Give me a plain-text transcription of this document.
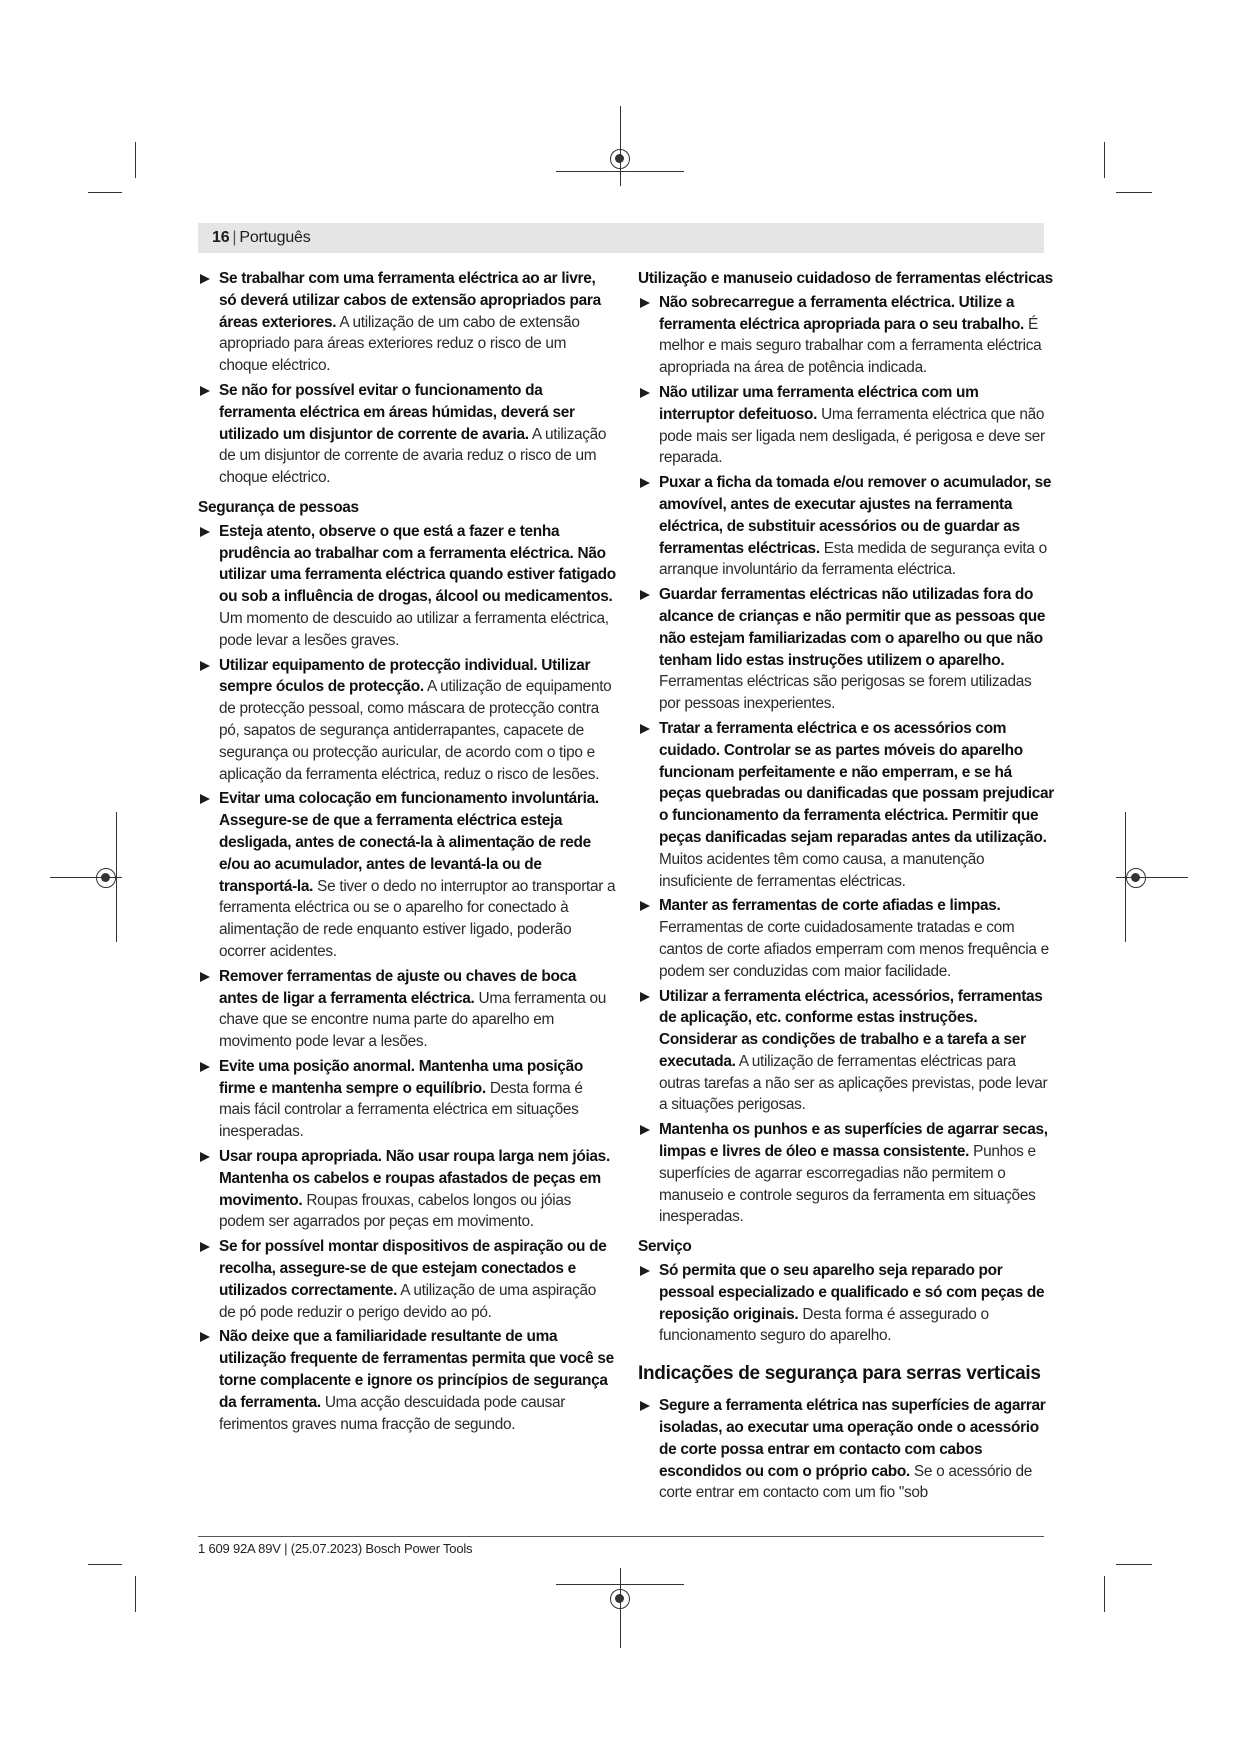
16 | Português
Se trabalhar com uma ferramenta eléctrica ao ar livre, só deverá utilizar cabos de extensão apropriados para áreas exteriores. A utilização de um cabo de extensão apropriado para áreas exteriores reduz o risco de um choque eléctrico.
Se não for possível evitar o funcionamento da ferramenta eléctrica em áreas húmidas, deverá ser utilizado um disjuntor de corrente de avaria. A utilização de um disjuntor de corrente de avaria reduz o risco de um choque eléctrico.
Segurança de pessoas
Esteja atento, observe o que está a fazer e tenha prudência ao trabalhar com a ferramenta eléctrica. Não utilizar uma ferramenta eléctrica quando estiver fatigado ou sob a influência de drogas, álcool ou medicamentos. Um momento de descuido ao utilizar a ferramenta eléctrica, pode levar a lesões graves.
Utilizar equipamento de protecção individual. Utilizar sempre óculos de protecção. A utilização de equipamento de protecção pessoal, como máscara de protecção contra pó, sapatos de segurança antiderrapantes, capacete de segurança ou protecção auricular, de acordo com o tipo e aplicação da ferramenta eléctrica, reduz o risco de lesões.
Evitar uma colocação em funcionamento involuntária. Assegure-se de que a ferramenta eléctrica esteja desligada, antes de conectá-la à alimentação de rede e/ou ao acumulador, antes de levantá-la ou de transportá-la. Se tiver o dedo no interruptor ao transportar a ferramenta eléctrica ou se o aparelho for conectado à alimentação de rede enquanto estiver ligado, poderão ocorrer acidentes.
Remover ferramentas de ajuste ou chaves de boca antes de ligar a ferramenta eléctrica. Uma ferramenta ou chave que se encontre numa parte do aparelho em movimento pode levar a lesões.
Evite uma posição anormal. Mantenha uma posição firme e mantenha sempre o equilíbrio. Desta forma é mais fácil controlar a ferramenta eléctrica em situações inesperadas.
Usar roupa apropriada. Não usar roupa larga nem jóias. Mantenha os cabelos e roupas afastados de peças em movimento. Roupas frouxas, cabelos longos ou jóias podem ser agarrados por peças em movimento.
Se for possível montar dispositivos de aspiração ou de recolha, assegure-se de que estejam conectados e utilizados correctamente. A utilização de uma aspiração de pó pode reduzir o perigo devido ao pó.
Não deixe que a familiaridade resultante de uma utilização frequente de ferramentas permita que você se torne complacente e ignore os princípios de segurança da ferramenta. Uma acção descuidada pode causar ferimentos graves numa fracção de segundo.
Utilização e manuseio cuidadoso de ferramentas eléctricas
Não sobrecarregue a ferramenta eléctrica. Utilize a ferramenta eléctrica apropriada para o seu trabalho. É melhor e mais seguro trabalhar com a ferramenta eléctrica apropriada na área de potência indicada.
Não utilizar uma ferramenta eléctrica com um interruptor defeituoso. Uma ferramenta eléctrica que não pode mais ser ligada nem desligada, é perigosa e deve ser reparada.
Puxar a ficha da tomada e/ou remover o acumulador, se amovível, antes de executar ajustes na ferramenta eléctrica, de substituir acessórios ou de guardar as ferramentas eléctricas. Esta medida de segurança evita o arranque involuntário da ferramenta eléctrica.
Guardar ferramentas eléctricas não utilizadas fora do alcance de crianças e não permitir que as pessoas que não estejam familiarizadas com o aparelho ou que não tenham lido estas instruções utilizem o aparelho. Ferramentas eléctricas são perigosas se forem utilizadas por pessoas inexperientes.
Tratar a ferramenta eléctrica e os acessórios com cuidado. Controlar se as partes móveis do aparelho funcionam perfeitamente e não emperram, e se há peças quebradas ou danificadas que possam prejudicar o funcionamento da ferramenta eléctrica. Permitir que peças danificadas sejam reparadas antes da utilização. Muitos acidentes têm como causa, a manutenção insuficiente de ferramentas eléctricas.
Manter as ferramentas de corte afiadas e limpas. Ferramentas de corte cuidadosamente tratadas e com cantos de corte afiados emperram com menos frequência e podem ser conduzidas com maior facilidade.
Utilizar a ferramenta eléctrica, acessórios, ferramentas de aplicação, etc. conforme estas instruções. Considerar as condições de trabalho e a tarefa a ser executada. A utilização de ferramentas eléctricas para outras tarefas a não ser as aplicações previstas, pode levar a situações perigosas.
Mantenha os punhos e as superfícies de agarrar secas, limpas e livres de óleo e massa consistente. Punhos e superfícies de agarrar escorregadias não permitem o manuseio e controle seguros da ferramenta em situações inesperadas.
Serviço
Só permita que o seu aparelho seja reparado por pessoal especializado e qualificado e só com peças de reposição originais. Desta forma é assegurado o funcionamento seguro do aparelho.
Indicações de segurança para serras verticais
Segure a ferramenta elétrica nas superfícies de agarrar isoladas, ao executar uma operação onde o acessório de corte possa entrar em contacto com cabos escondidos ou com o próprio cabo. Se o acessório de corte entrar em contacto com um fio "sob
1 609 92A 89V | (25.07.2023) Bosch Power Tools
